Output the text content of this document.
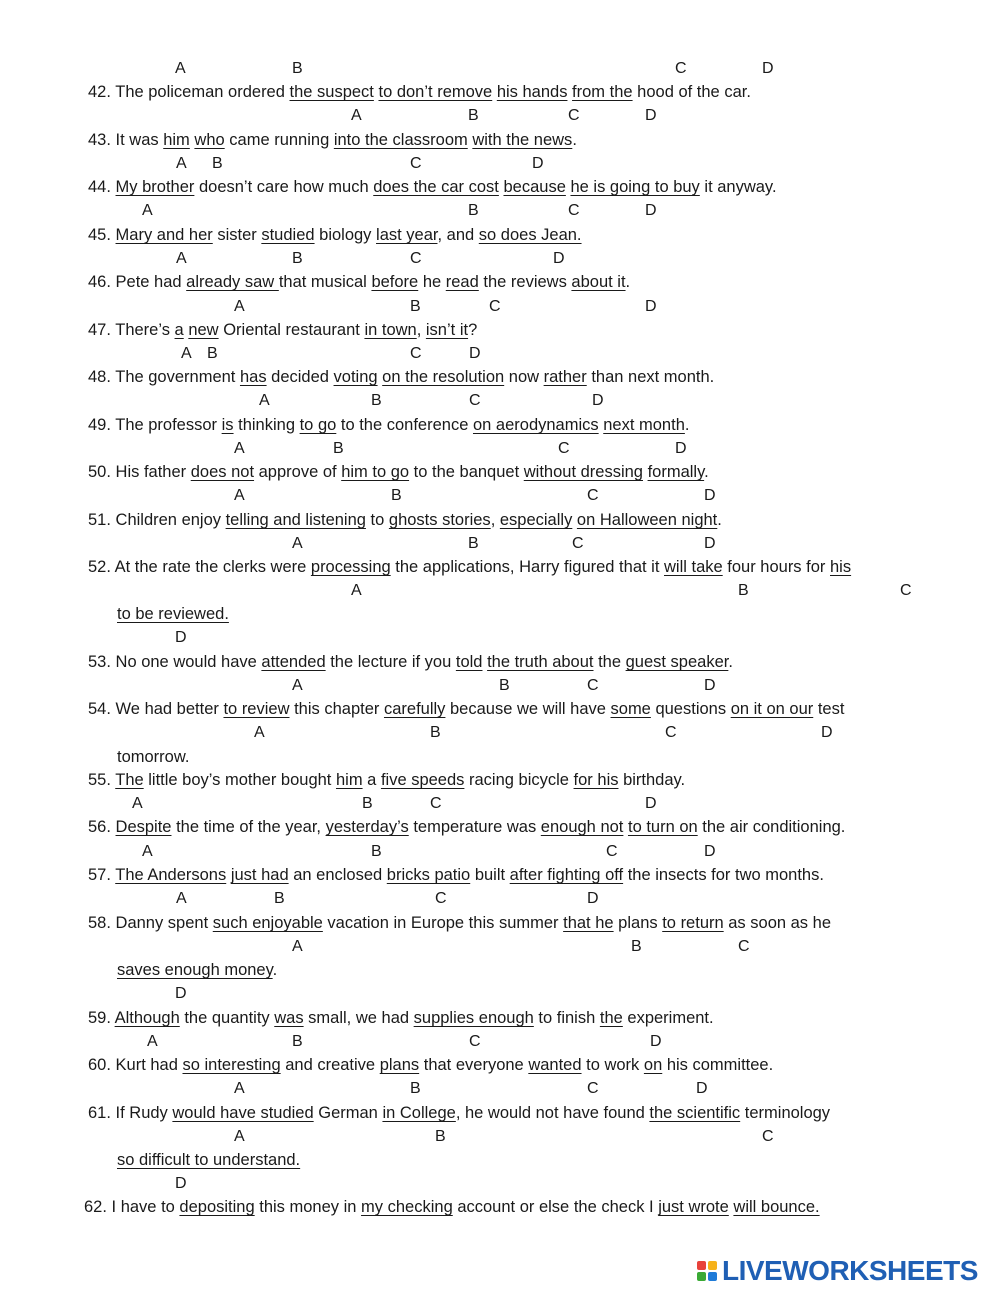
A	B	C	D
42. The policeman ordered the suspect to don’t remove his hands from the hood of the car.
A	B	C	D
43. It was him who came running into the classroom with the news.
A B	C	D
44. My brother doesn’t care how much does the car cost because he is going to buy it anyway.
A	B	C	D
45. Mary and her sister studied biology last year, and so does Jean.
A	B	C	D
46. Pete had already saw that musical before he read the reviews about it.
A	B	C	D
47. There’s a new Oriental restaurant in town, isn’t it?
A B	C	D
48. The government has decided voting on the resolution now rather than next month.
A	B	C	D
49. The professor is thinking to go to the conference on aerodynamics next month.
A	B	C	D
50. His father does not approve of him to go to the banquet without dressing formally.
A	B	C	D
51. Children enjoy telling and listening to ghosts stories, especially on Halloween night.
A	B	C	D
52. At the rate the clerks were processing the applications, Harry figured that it will take four hours for his
A	B	C
to be reviewed.
D
53. No one would have attended the lecture if you told the truth about the guest speaker.
A	B	C	D
54. We had better to review this chapter carefully because we will have some questions on it on our test
A	B	C	D
tomorrow.
55. The little boy’s mother bought him a five speeds racing bicycle for his birthday.
A	B	C	D
56. Despite the time of the year, yesterday’s temperature was enough not to turn on the air conditioning.
A	B	C	D
57. The Andersons just had an enclosed bricks patio built after fighting off the insects for two months.
A	B	C	D
58. Danny spent such enjoyable vacation in Europe this summer that he plans to return as soon as he
A	B	C
saves enough money.
D
59. Although the quantity was small, we had supplies enough to finish the experiment.
A	B	C	D
60. Kurt had so interesting and creative plans that everyone wanted to work on his committee.
A	B	C	D
61. If Rudy would have studied German in College, he would not have found the scientific terminology
A	B	C
so difficult to understand.
D
62. I have to depositing this money in my checking account or else the check I just wrote will bounce.
LIVEWORKSHEETS
